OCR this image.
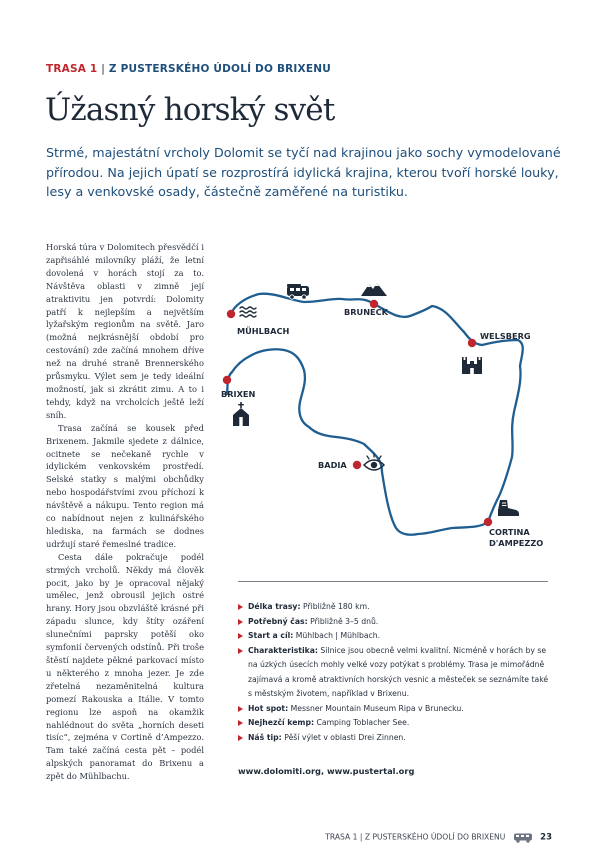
TRASA 1 | Z PUSTERSKÉHO ÚDOLÍ DO BRIXENU
Úžasný horský svět

Strmé, majestátní vrcholy Dolomit se tyčí nad krajinou jako sochy vymodelované přírodou. Na jejich úpatí se rozprostírá idylická krajina, kterou tvoří horské louky, lesy a venkovské osady, částečně zaměřené na turistiku.

Horská túra v Dolomitech přesvědčí i zapřisáhlé milovníky pláží, že letní dovolená v horách stojí za to. Návštěva oblasti v zimně její atraktivitu jen potvrdí: Dolomity patří k nejlepším a největším lyžařským regionům na světě. Jaro (možná nejkrásnější období pro cestování) zde začíná mnohem dříve než na druhé straně Brennerského průsmyku. Výlet sem je tedy ideální možností, jak si zkrátit zimu. A to i tehdy, když na vrcholcích ještě leží sníh.

Trasa začíná se kousek před Brixenem. Jakmile sjedete z dálnice, ocitnete se nečekaně rychle v idylickém venkovském prostředí. Selské statky s malými obchůdky nebo hospodářstvími zvou příchozí k návštěvě a nákupu. Tento region má co nabídnout nejen z kulinářského hlediska, na farmách se dodnes udržují staré řemeslné tradice.

Cesta dále pokračuje podél strmých vrcholů. Někdy má člověk pocit, jako by je opracoval nějaký umělec, jenž obrousil jejich ostré hrany. Hory jsou obzvláště krásné při západu slunce, kdy štíty ozáření slunečními paprsky potěší oko symfonií červených odstínů. Při troše štěstí najdete pěkné parkovací místo u některého z mnoha jezer. Je zde zřetelná nezaměnitelná kultura pomezí Rakouska a Itálie. V tomto regionu lze aspoň na okamžik nahlédnout do světa „horních deseti tisíc“, zejména v Cortině d’Ampezzo. Tam také začíná cesta pět – podél alpských panoramat do Brixenu a zpět do Mühlbachu.

MÜHLBACH
BRUNECK
WELSBERG
BRIXEN
BADIA
CORTINA
D'AMPEZZO
Délka trasy: Přibližně 180 km.
Potřebný čas: Přibližně 3–5 dnů.
Start a cíl: Mühlbach | Mühlbach.
Charakteristika: Silnice jsou obecně velmi kvalitní. Nicméně v horách by se na úzkých úsecích mohly velké vozy potýkat s problémy. Trasa je mimořádně zajímavá a kromě atraktivních horských vesnic a městeček se seznámíte také s městským životem, například v Brixenu.
Hot spot: Messner Mountain Museum Ripa v Brunecku.
Nejhezčí kemp: Camping Toblacher See.
Náš tip: Pěší výlet v oblasti Drei Zinnen.
www.dolomiti.org, www.pustertal.org
TRASA 1 | Z PUSTERSKÉHO ÚDOLÍ DO BRIXENU	23
